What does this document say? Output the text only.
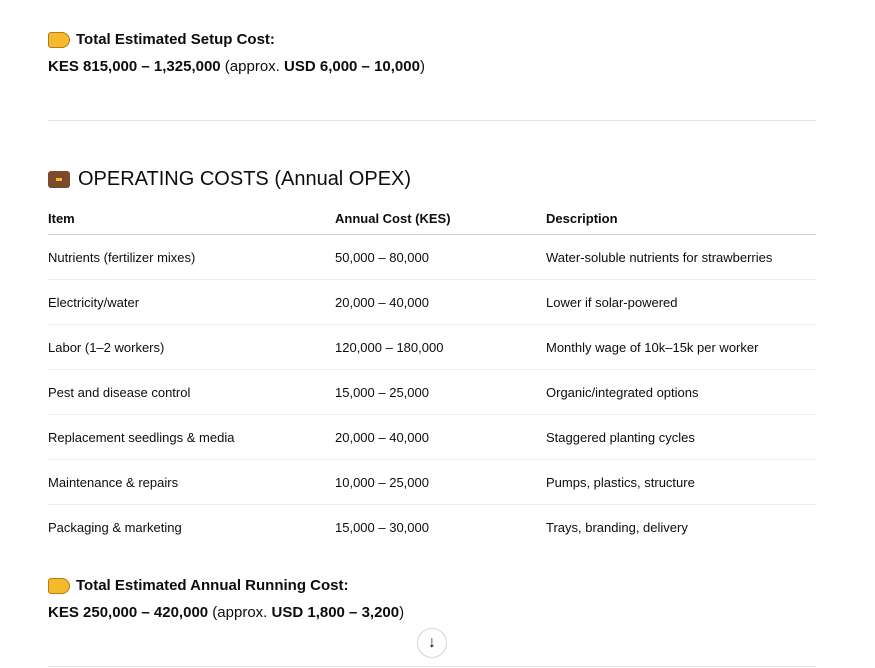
Total Estimated Setup Cost:
KES 815,000 – 1,325,000 (approx. USD 6,000 – 10,000)
OPERATING COSTS (Annual OPEX)
Item	Annual Cost (KES)	Description
Nutrients (fertilizer mixes)	50,000 – 80,000	Water-soluble nutrients for strawberries
Electricity/water	20,000 – 40,000	Lower if solar-powered
Labor (1–2 workers)	120,000 – 180,000	Monthly wage of 10k–15k per worker
Pest and disease control	15,000 – 25,000	Organic/integrated options
Replacement seedlings & media	20,000 – 40,000	Staggered planting cycles
Maintenance & repairs	10,000 – 25,000	Pumps, plastics, structure
Packaging & marketing	15,000 – 30,000	Trays, branding, delivery
Total Estimated Annual Running Cost:
KES 250,000 – 420,000 (approx. USD 1,800 – 3,200)
↓
